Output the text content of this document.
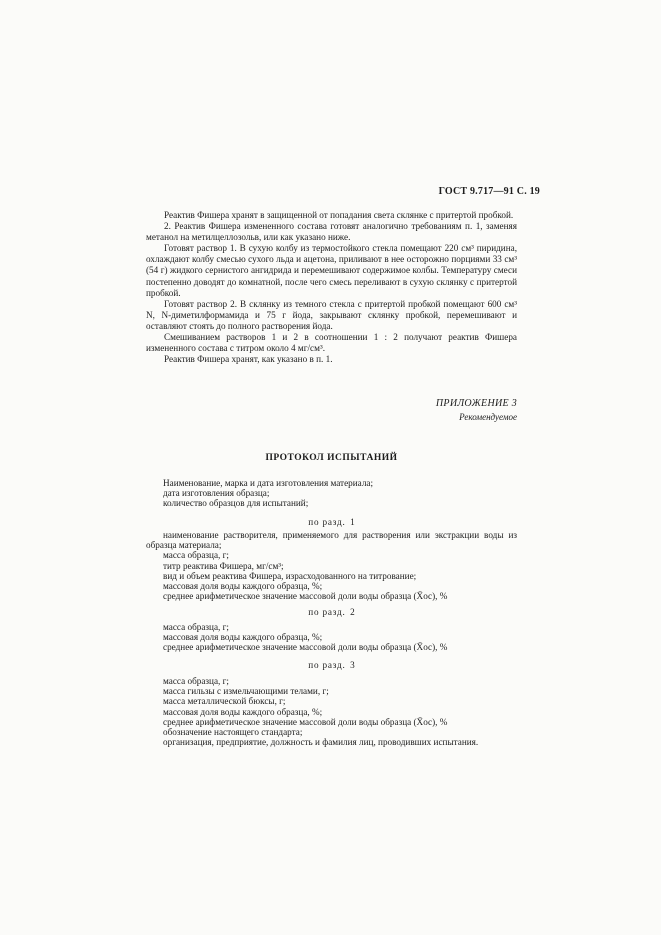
ГОСТ 9.717—91 С. 19

Реактив Фишера хранят в защищенной от попадания света склянке с притертой пробкой.

2. Реактив Фишера измененного состава готовят аналогично требованиям п. 1, заменяя метанол на метилцеллозольв, или как указано ниже.

Готовят раствор 1. В сухую колбу из термостойкого стекла помещают 220 см³ пиридина, охлаждают колбу смесью сухого льда и ацетона, приливают в нее осторожно порциями 33 см³ (54 г) жидкого сернистого ангидрида и перемешивают содержимое колбы. Температуру смеси постепенно доводят до комнатной, после чего смесь переливают в сухую склянку с притертой пробкой.

Готовят раствор 2. В склянку из темного стекла с притертой пробкой помещают 600 см³ N, N-диметилформамида и 75 г йода, закрывают склянку пробкой, перемешивают и оставляют стоять до полного растворения йода.

Смешиванием растворов 1 и 2 в соотношении 1 : 2 получают реактив Фишера измененного состава с титром около 4 мг/см³.

Реактив Фишера хранят, как указано в п. 1.

ПРИЛОЖЕНИЕ 3
Рекомендуемое
ПРОТОКОЛ ИСПЫТАНИЙ
Наименование, марка и дата изготовления материала;
дата изготовления образца;
количество образцов для испытаний;
по разд. 1
наименование растворителя, применяемого для растворения или экстракции воды из образца материала;
масса образца, г;
титр реактива Фишера, мг/см³;
вид и объем реактива Фишера, израсходованного на титрование;
массовая доля воды каждого образца, %;
среднее арифметическое значение массовой доли воды образца (X̄ос), %
по разд. 2
масса образца, г;
массовая доля воды каждого образца, %;
среднее арифметическое значение массовой доли воды образца (X̄ос), %
по разд. 3
масса образца, г;
масса гильзы с измельчающими телами, г;
масса металлической бюксы, г;
массовая доля воды каждого образца, %;
среднее арифметическое значение массовой доли воды образца (X̄ос), %
обозначение настоящего стандарта;
организация, предприятие, должность и фамилия лиц, проводивших испытания.
